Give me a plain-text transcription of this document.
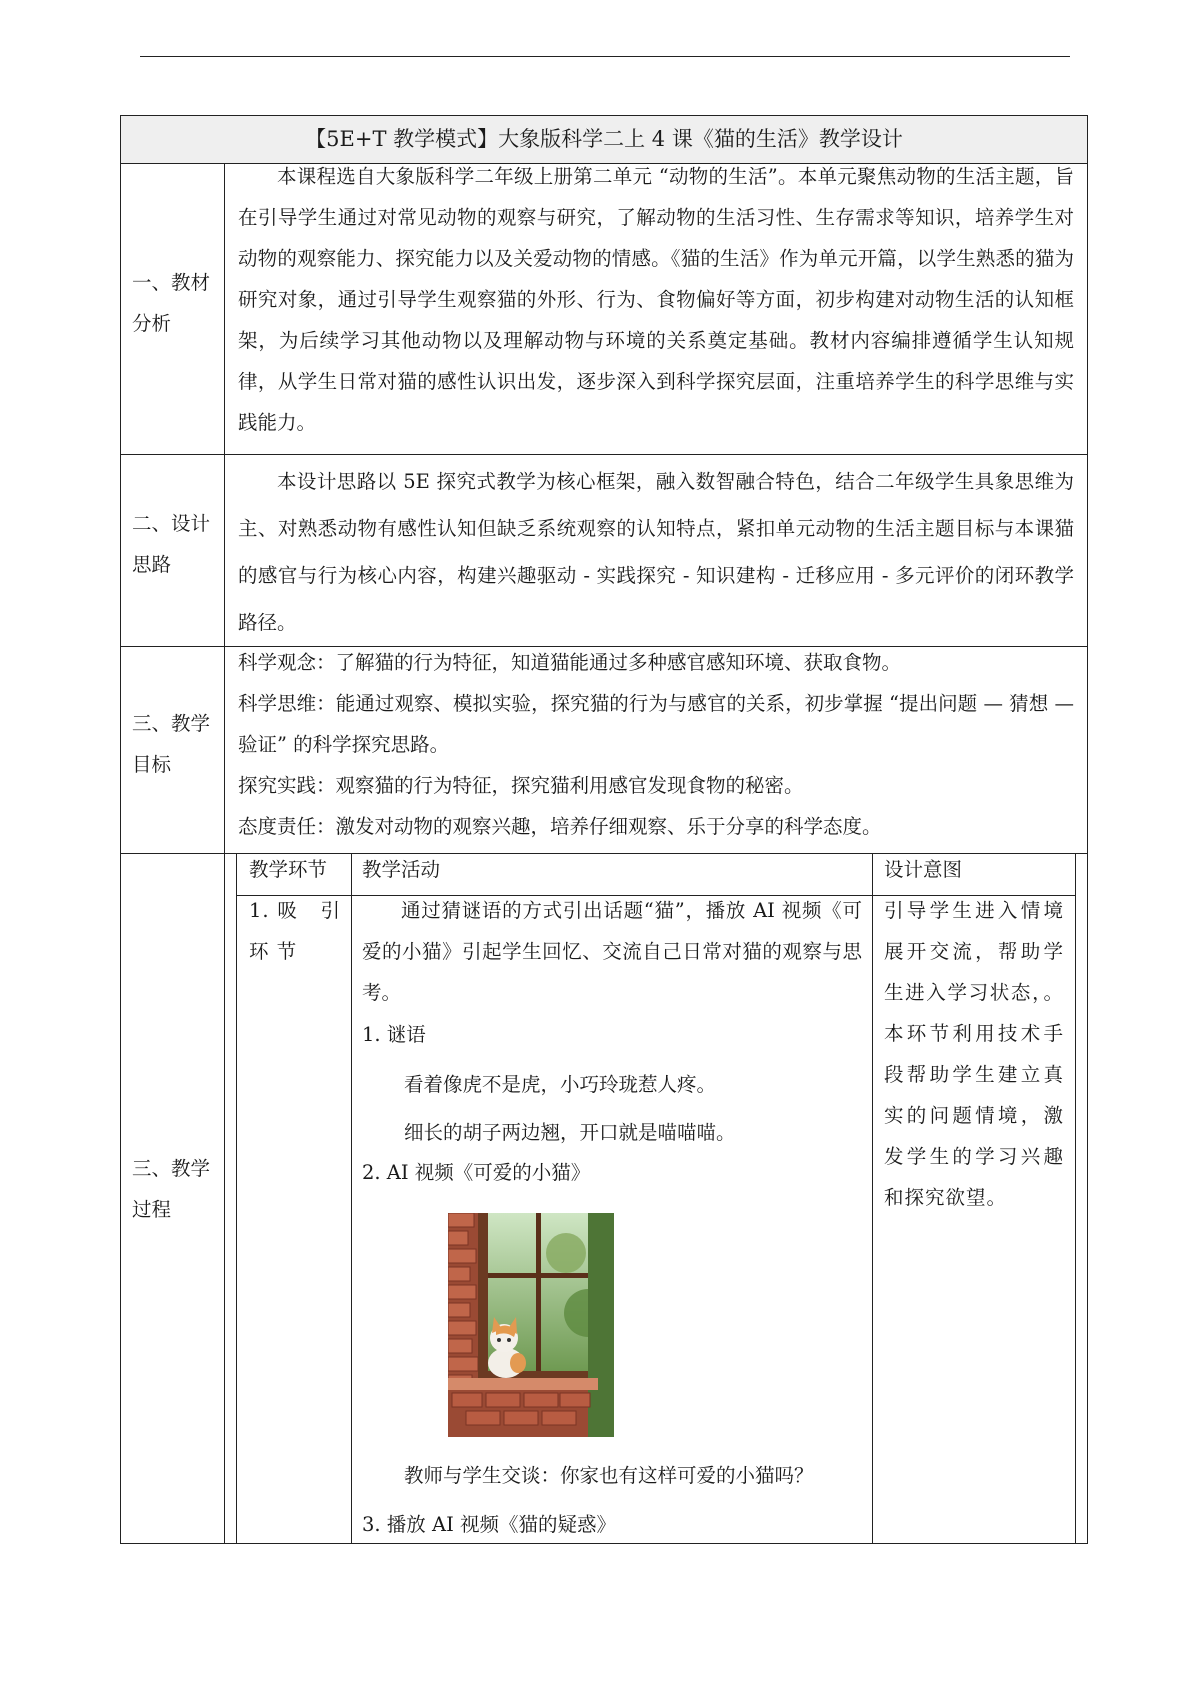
【5E+T 教学模式】大象版科学二上 4 课《猫的生活》教学设计
一、教材分析
本课程选自大象版科学二年级上册第二单元 “动物的生活”。本单元聚焦动物的生活主题，旨在引导学生通过对常见动物的观察与研究，了解动物的生活习性、生存需求等知识，培养学生对动物的观察能力、探究能力以及关爱动物的情感。《猫的生活》作为单元开篇，以学生熟悉的猫为研究对象，通过引导学生观察猫的外形、行为、食物偏好等方面，初步构建对动物生活的认知框架，为后续学习其他动物以及理解动物与环境的关系奠定基础。教材内容编排遵循学生认知规律，从学生日常对猫的感性认识出发，逐步深入到科学探究层面，注重培养学生的科学思维与实践能力。
二、设计思路
本设计思路以 5E 探究式教学为核心框架，融入数智融合特色，结合二年级学生具象思维为主、对熟悉动物有感性认知但缺乏系统观察的认知特点，紧扣单元动物的生活主题目标与本课猫的感官与行为核心内容，构建兴趣驱动 - 实践探究 - 知识建构 - 迁移应用 - 多元评价的闭环教学路径。
三、教学目标

科学观念：了解猫的行为特征，知道猫能通过多种感官感知环境、获取食物。

科学思维：能通过观察、模拟实验，探究猫的行为与感官的关系，初步掌握 “提出问题 — 猜想 — 验证” 的科学探究思路。

探究实践：观察猫的行为特征，探究猫利用感官发现食物的秘密。

态度责任：激发对动物的观察兴趣，培养仔细观察、乐于分享的科学态度。

三、教学过程
教学环节 教学活动	设计意图
1.吸 引 环 节
通过猜谜语的方式引出话题“猫”，播放 AI 视频《可爱的小猫》引起学生回忆、交流自己日常对猫的观察与思考。
1. 谜语
看着像虎不是虎，小巧玲珑惹人疼。
细长的胡子两边翘，开口就是喵喵喵。
2. AI 视频《可爱的小猫》
教师与学生交谈：你家也有这样可爱的小猫吗？
3. 播放 AI 视频《猫的疑惑》
引导学生进入情境展开交流，帮助学生进入学习状态，。本环节利用技术手段帮助学生建立真实的问题情境，激发学生的学习兴趣和探究欲望。
